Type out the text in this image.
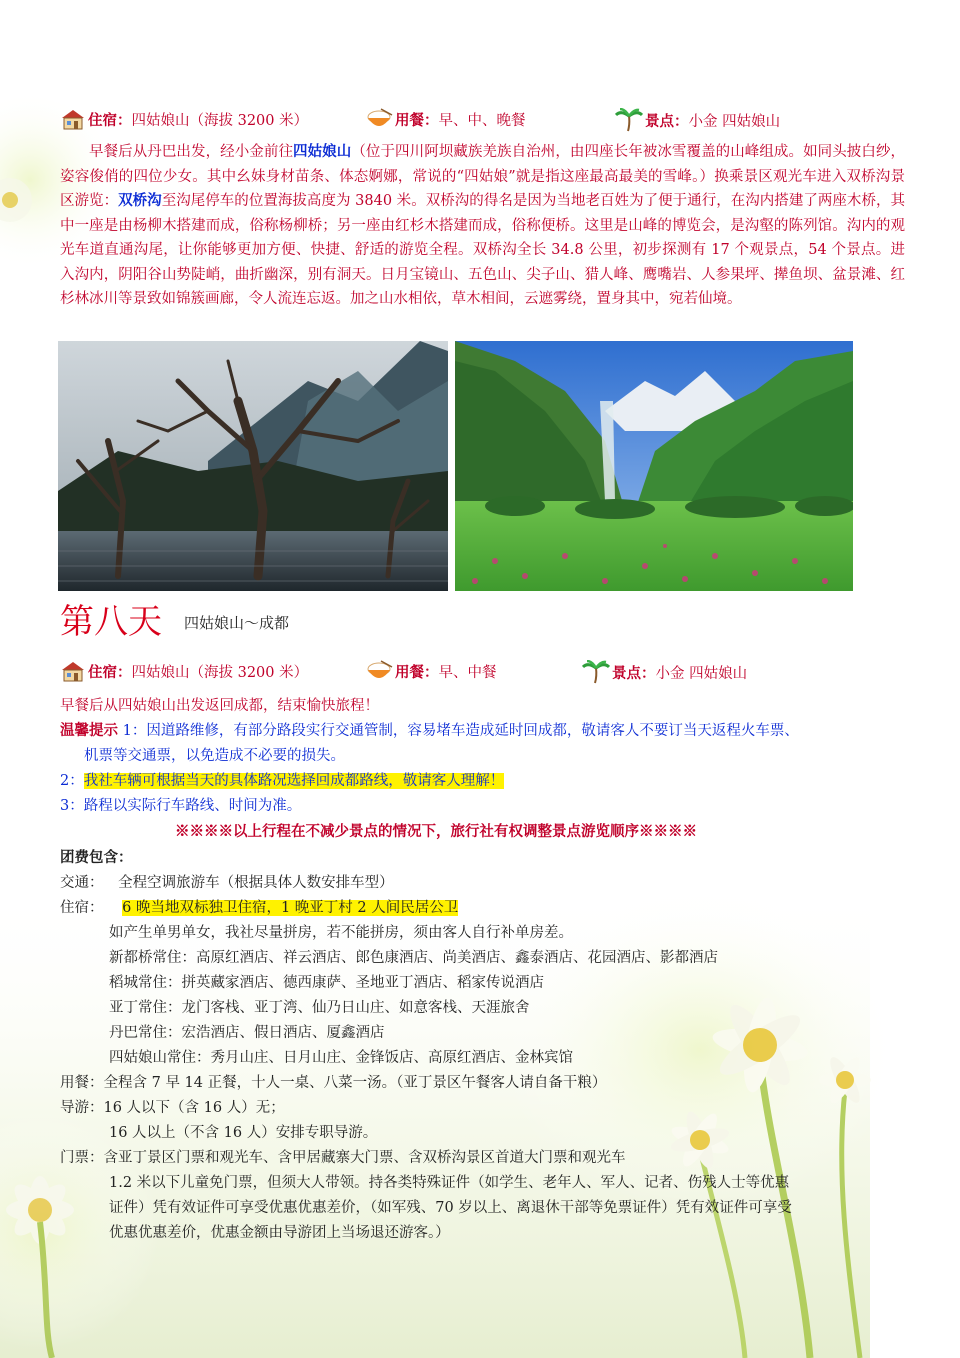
住宿： 四姑娘山（海拔 3200 米）	用餐： 早、中、晚餐	景点： 小金 四姑娘山
早餐后从丹巴出发，经小金前往四姑娘山（位于四川阿坝藏族羌族自治州，由四座长年被冰雪覆盖的山峰组成。如同头披白纱，姿容俊俏的四位少女。其中幺妹身材苗条、体态婀娜，常说的“四姑娘”就是指这座最高最美的雪峰。）换乘景区观光车进入双桥沟景区游览：双桥沟至沟尾停车的位置海拔高度为 3840 米。双桥沟的得名是因为当地老百姓为了便于通行，在沟内搭建了两座木桥，其中一座是由杨柳木搭建而成，俗称杨柳桥；另一座由红杉木搭建而成，俗称便桥。这里是山峰的博览会，是沟壑的陈列馆。沟内的观光车道直通沟尾，让你能够更加方便、快捷、舒适的游览全程。双桥沟全长 34.8 公里，初步探测有 17 个观景点，54 个景点。进入沟内，阴阳谷山势陡峭，曲折幽深，别有洞天。日月宝镜山、五色山、尖子山、猎人峰、鹰嘴岩、人参果坪、撵鱼坝、盆景滩、红杉林冰川等景致如锦簇画廊，令人流连忘返。加之山水相依，草木相间，云遮雾绕，置身其中，宛若仙境。
第八天 四姑娘山～成都
住宿： 四姑娘山（海拔 3200 米）	用餐： 早、中餐	景点： 小金 四姑娘山
早餐后从四姑娘山出发返回成都，结束愉快旅程！
温馨提示 1：因道路维修，有部分路段实行交通管制，容易堵车造成延时回成都，敬请客人不要订当天返程火车票、
机票等交通票，以免造成不必要的损失。
2：我社车辆可根据当天的具体路况选择回成都路线，敬请客人理解！
3：路程以实际行车路线、时间为准。
※※※※以上行程在不减少景点的情况下，旅行社有权调整景点游览顺序※※※※
团费包含：
交通： 全程空调旅游车（根据具体人数安排车型）
住宿： 6 晚当地双标独卫住宿，1 晚亚丁村 2 人间民居公卫
如产生单男单女，我社尽量拼房，若不能拼房，须由客人自行补单房差。
新都桥常住：高原红酒店、祥云酒店、郎色康酒店、尚美酒店、鑫泰酒店、花园酒店、影都酒店
稻城常住：拼英藏家酒店、德西康萨、圣地亚丁酒店、稻家传说酒店
亚丁常住：龙门客栈、亚丁湾、仙乃日山庄、如意客栈、天涯旅舍
丹巴常住：宏浩酒店、假日酒店、厦鑫酒店
四姑娘山常住：秀月山庄、日月山庄、金锋饭店、高原红酒店、金林宾馆
用餐：全程含 7 早 14 正餐，十人一桌、八菜一汤。（亚丁景区午餐客人请自备干粮）
导游：16 人以下（含 16 人）无；
16 人以上（不含 16 人）安排专职导游。
门票：含亚丁景区门票和观光车、含甲居藏寨大门票、含双桥沟景区首道大门票和观光车
1.2 米以下儿童免门票，但须大人带领。持各类特殊证件（如学生、老年人、军人、记者、伤残人士等优惠
证件）凭有效证件可享受优惠优惠差价，（如军残、70 岁以上、离退休干部等免票证件）凭有效证件可享受
优惠优惠差价，优惠金额由导游团上当场退还游客。）
